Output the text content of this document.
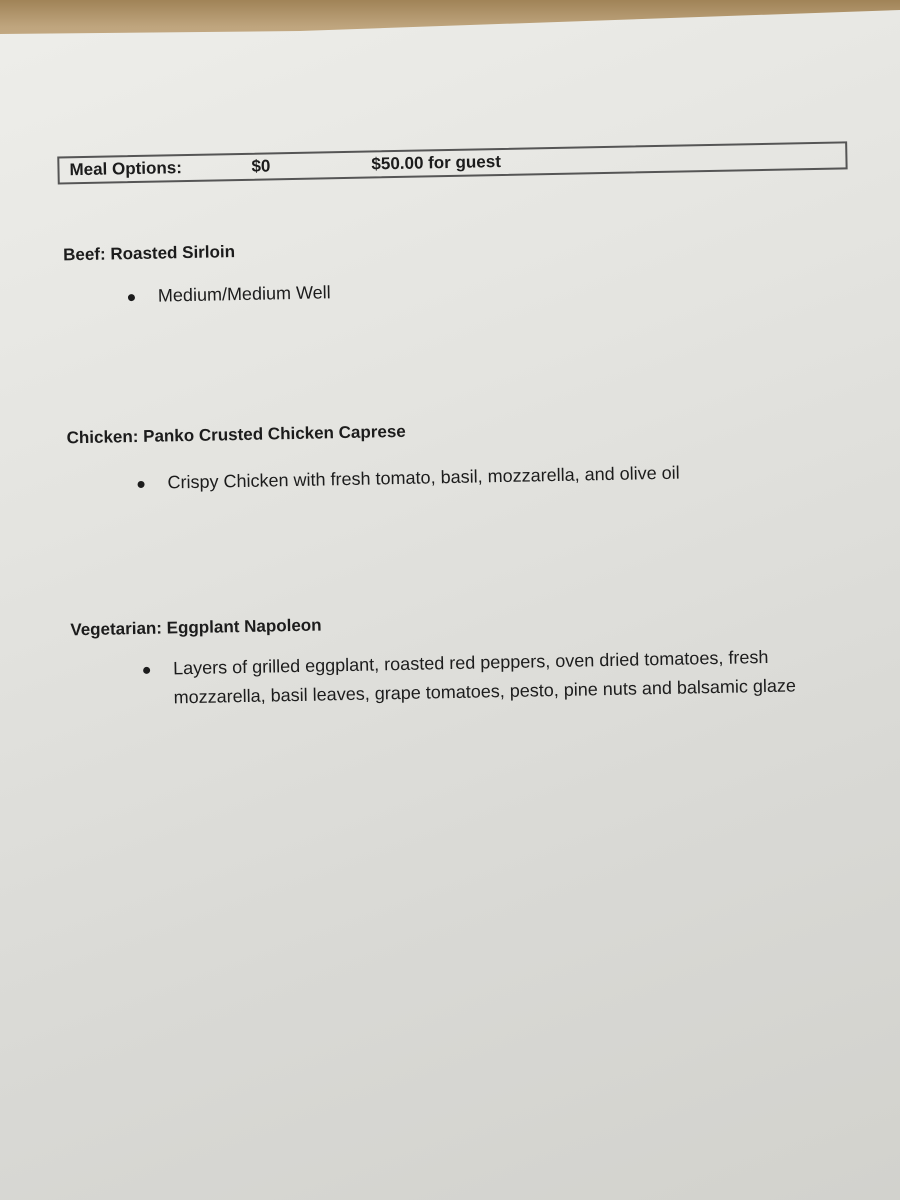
Meal Options:	$0	$50.00 for guest
Beef: Roasted Sirloin
Medium/Medium Well
Chicken: Panko Crusted Chicken Caprese
Crispy Chicken with fresh tomato, basil, mozzarella, and olive oil
Vegetarian: Eggplant Napoleon
Layers of grilled eggplant, roasted red peppers, oven dried tomatoes, fresh
mozzarella, basil leaves, grape tomatoes, pesto, pine nuts and balsamic glaze
